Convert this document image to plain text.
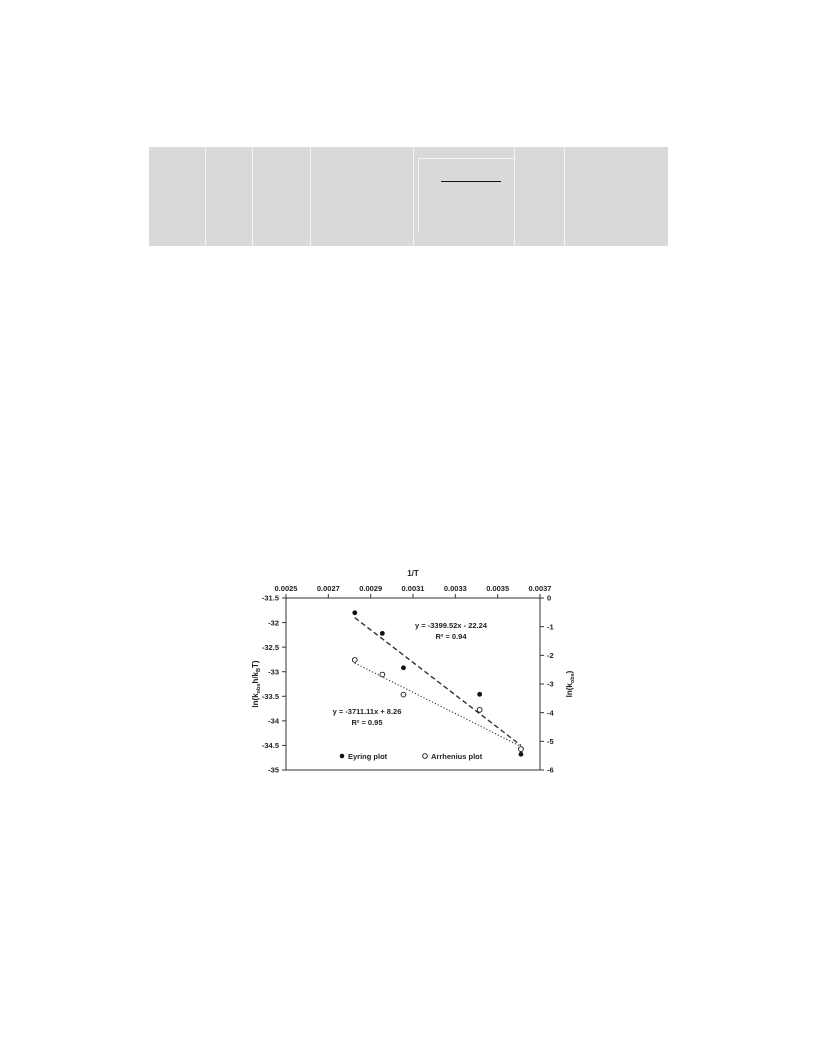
0.0025	0.0027	0.0029	0.0031	0.0033	0.0035	0.0037
-31.5
-32
-32.5
-33
-33.5
-34
-34.5
-35
0
-1
-2
-3
-4
-5
-6
1/T
$\ln(k_{obs}h/k_BT)$
$\ln(k_{obs})$
y = -3399.52x - 22.24
R² = 0.94
y = -3711.11x + 8.26
R² = 0.95
Eyring plot	Arrhenius plot
